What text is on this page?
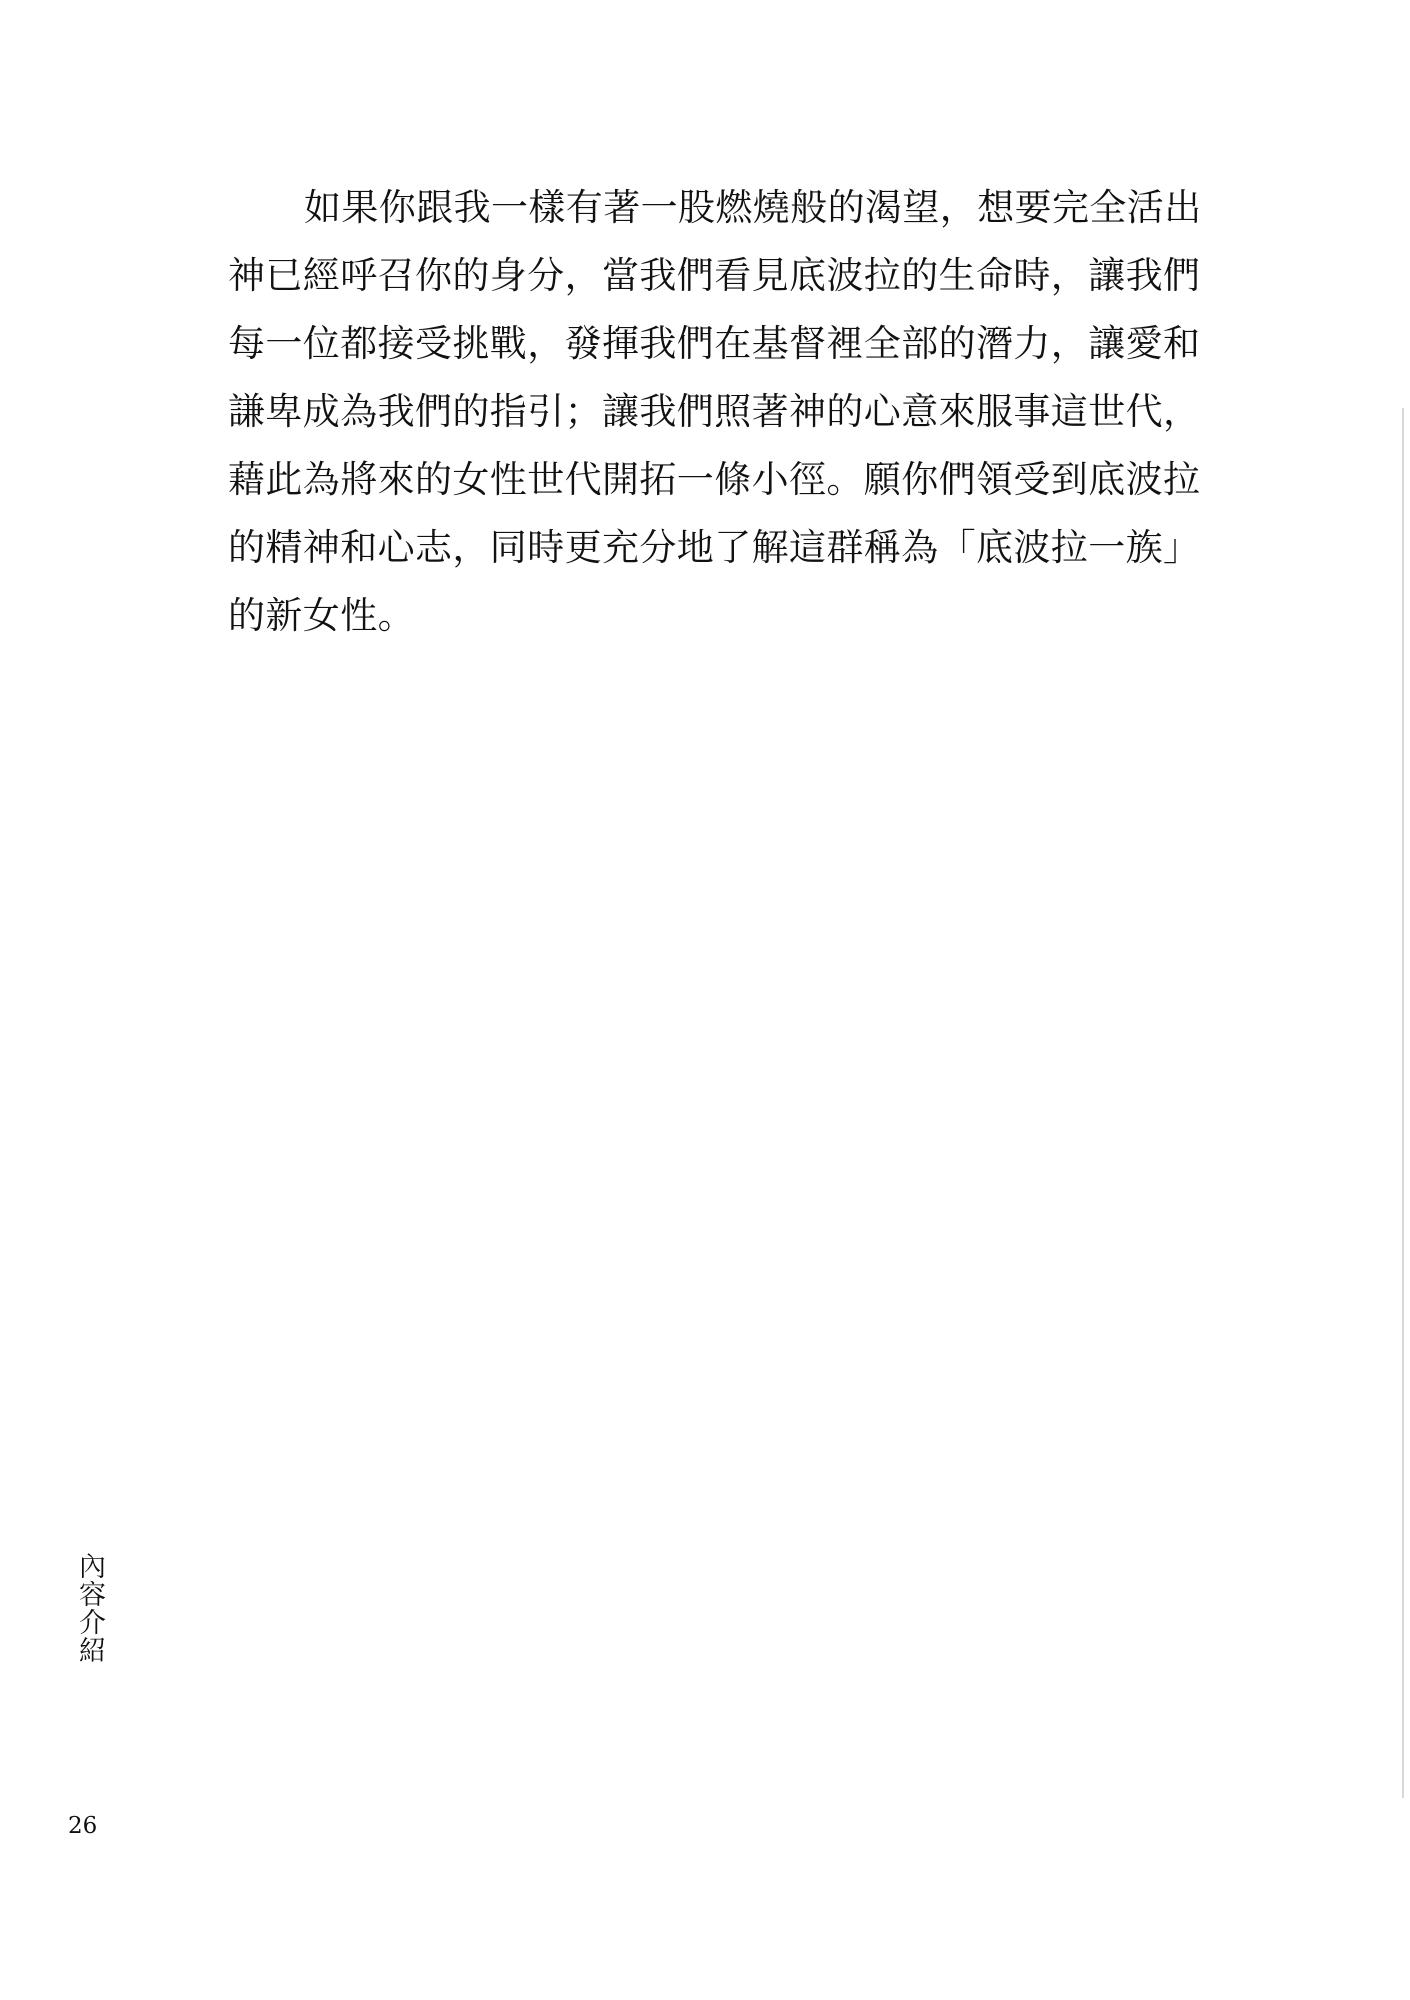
如果你跟我一樣有著一股燃燒般的渴望，想要完全活出
神已經呼召你的身分，當我們看見底波拉的生命時，讓我們
每一位都接受挑戰，發揮我們在基督裡全部的潛力，讓愛和
謙卑成為我們的指引；讓我們照著神的心意來服事這世代，
藉此為將來的女性世代開拓一條小徑。願你們領受到底波拉
的精神和心志，同時更充分地了解這群稱為「底波拉一族」
的新女性。
內容介紹
26
